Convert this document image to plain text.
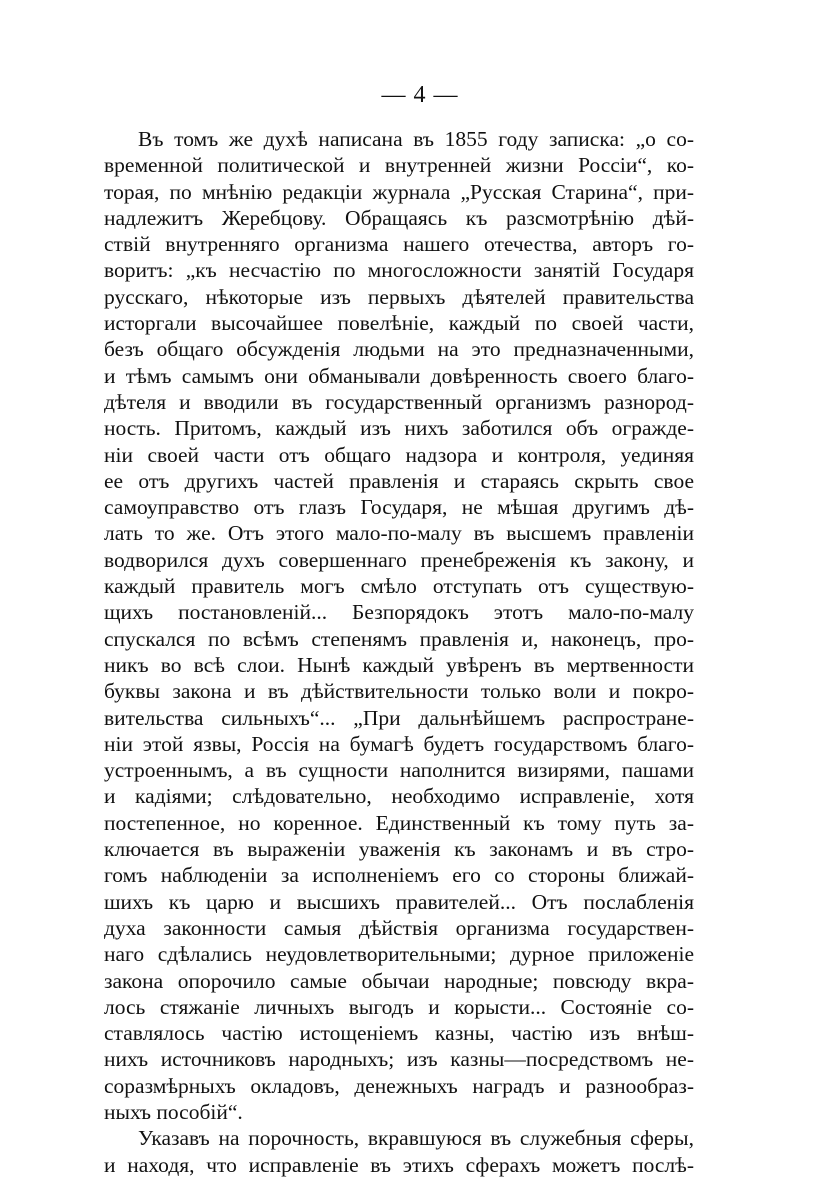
— 4 —
Въ томъ же духѣ написана въ 1855 году записка: „о со-
временной политической и внутренней жизни Россіи“, ко-
торая, по мнѣнію редакціи журнала „Русская Старина“, при-
надлежитъ Жеребцову. Обращаясь къ разсмотрѣнію дѣй-
ствій внутренняго организма нашего отечества, авторъ го-
воритъ: „къ несчастію по многосложности занятій Государя
русскаго, нѣкоторые изъ первыхъ дѣятелей правительства
исторгали высочайшее повелѣніе, каждый по своей части,
безъ общаго обсужденія людьми на это предназначенными,
и тѣмъ самымъ они обманывали довѣренность своего благо-
дѣтеля и вводили въ государственный организмъ разнород-
ность. Притомъ, каждый изъ нихъ заботился объ огражде-
ніи своей части отъ общаго надзора и контроля, уединяя
ее отъ другихъ частей правленія и стараясь скрыть свое
самоуправство отъ глазъ Государя, не мѣшая другимъ дѣ-
лать то же. Отъ этого мало-по-малу въ высшемъ правленіи
водворился духъ совершеннаго пренебреженія къ закону, и
каждый правитель могъ смѣло отступать отъ существую-
щихъ постановленій... Безпорядокъ этотъ мало-по-малу
спускался по всѣмъ степенямъ правленія и, наконецъ, про-
никъ во всѣ слои. Нынѣ каждый увѣренъ въ мертвенности
буквы закона и въ дѣйствительности только воли и покро-
вительства сильныхъ“... „При дальнѣйшемъ распростране-
ніи этой язвы, Россія на бумагѣ будетъ государствомъ благо-
устроеннымъ, а въ сущности наполнится визирями, пашами
и кадіями; слѣдовательно, необходимо исправленіе, хотя
постепенное, но коренное. Единственный къ тому путь за-
ключается въ выраженіи уваженія къ законамъ и въ стро-
гомъ наблюденіи за исполненіемъ его со стороны ближай-
шихъ къ царю и высшихъ правителей... Отъ послабленія
духа законности самыя дѣйствія организма государствен-
наго сдѣлались неудовлетворительными; дурное приложеніе
закона опорочило самые обычаи народные; повсюду вкра-
лось стяжаніе личныхъ выгодъ и корысти... Состояніе со-
ставлялось частію истощеніемъ казны, частію изъ внѣш-
нихъ источниковъ народныхъ; изъ казны—посредствомъ не-
соразмѣрныхъ окладовъ, денежныхъ наградъ и разнообраз-
ныхъ пособій“.
Указавъ на порочность, вкравшуюся въ служебныя сферы,
и находя, что исправленіе въ этихъ сферахъ можетъ послѣ-
